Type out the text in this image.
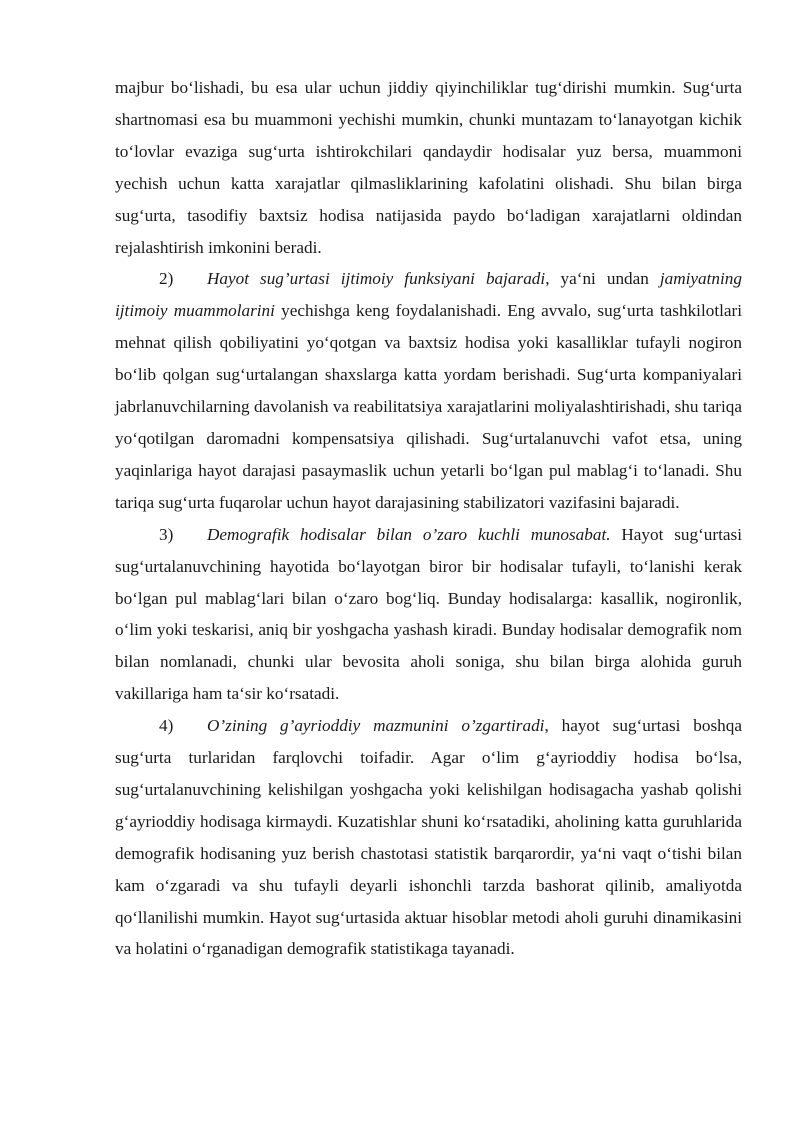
majbur bo‘lishadi, bu esa ular uchun jiddiy qiyinchiliklar tug‘dirishi mumkin. Sug‘urta shartnomasi esa bu muammoni yechishi mumkin, chunki muntazam to‘lanayotgan kichik to‘lovlar evaziga sug‘urta ishtirokchilari qandaydir hodisalar yuz bersa, muammoni yechish uchun katta xarajatlar qilmasliklarining kafolatini olishadi. Shu bilan birga sug‘urta, tasodifiy baxtsiz hodisa natijasida paydo bo‘ladigan xarajatlarni oldindan rejalashtirish imkonini beradi.

2) Hayot sug’urtasi ijtimoiy funksiyani bajaradi, ya‘ni undan jamiyatning ijtimoiy muammolarini yechishga keng foydalanishadi. Eng avvalo, sug‘urta tashkilotlari mehnat qilish qobiliyatini yo‘qotgan va baxtsiz hodisa yoki kasalliklar tufayli nogiron bo‘lib qolgan sug‘urtalangan shaxslarga katta yordam berishadi. Sug‘urta kompaniyalari jabrlanuvchilarning davolanish va reabilitatsiya xarajatlarini moliyalashtirishadi, shu tariqa yo‘qotilgan daromadni kompensatsiya qilishadi. Sug‘urtalanuvchi vafot etsa, uning yaqinlariga hayot darajasi pasaymaslik uchun yetarli bo‘lgan pul mablag‘i to‘lanadi. Shu tariqa sug‘urta fuqarolar uchun hayot darajasining stabilizatori vazifasini bajaradi.

3) Demografik hodisalar bilan o’zaro kuchli munosabat. Hayot sug‘urtasi sug‘urtalanuvchining hayotida bo‘layotgan biror bir hodisalar tufayli, to‘lanishi kerak bo‘lgan pul mablag‘lari bilan o‘zaro bog‘liq. Bunday hodisalarga: kasallik, nogironlik, o‘lim yoki teskarisi, aniq bir yoshgacha yashash kiradi. Bunday hodisalar demografik nom bilan nomlanadi, chunki ular bevosita aholi soniga, shu bilan birga alohida guruh vakillariga ham ta‘sir ko‘rsatadi.

4) O’zining g’ayrioddiy mazmunini o’zgartiradi, hayot sug‘urtasi boshqa sug‘urta turlaridan farqlovchi toifadir. Agar o‘lim g‘ayrioddiy hodisa bo‘lsa, sug‘urtalanuvchining kelishilgan yoshgacha yoki kelishilgan hodisagacha yashab qolishi g‘ayrioddiy hodisaga kirmaydi. Kuzatishlar shuni ko‘rsatadiki, aholining katta guruhlarida demografik hodisaning yuz berish chastotasi statistik barqarordir, ya‘ni vaqt o‘tishi bilan kam o‘zgaradi va shu tufayli deyarli ishonchli tarzda bashorat qilinib, amaliyotda qo‘llanilishi mumkin. Hayot sug‘urtasida aktuar hisoblar metodi aholi guruhi dinamikasini va holatini o‘rganadigan demografik statistikaga tayanadi.
